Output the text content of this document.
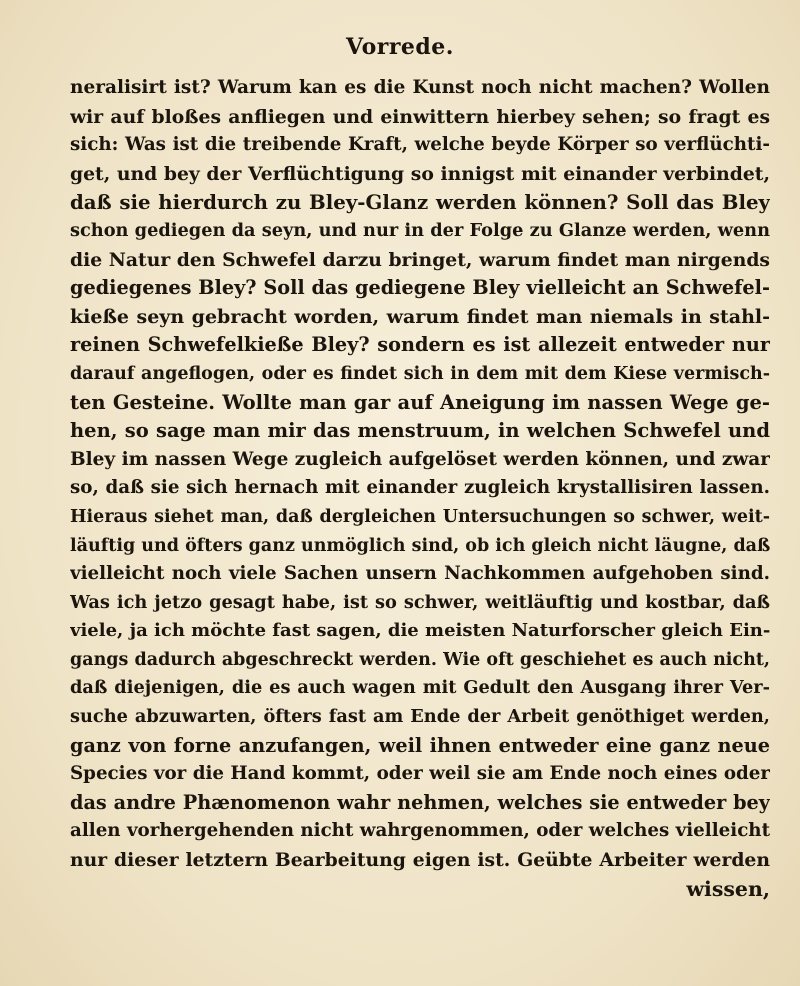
Vorrede.
neralisirt ist? Warum kan es die Kunst noch nicht machen? Wollen
wir auf bloßes anfliegen und einwittern hierbey sehen; so fragt es
sich: Was ist die treibende Kraft, welche beyde Körper so verflüchti-
get, und bey der Verflüchtigung so innigst mit einander verbindet,
daß sie hierdurch zu Bley-Glanz werden können? Soll das Bley
schon gediegen da seyn, und nur in der Folge zu Glanze werden, wenn
die Natur den Schwefel darzu bringet, warum findet man nirgends
gediegenes Bley? Soll das gediegene Bley vielleicht an Schwefel-
kieße seyn gebracht worden, warum findet man niemals in stahl-
reinen Schwefelkieße Bley? sondern es ist allezeit entweder nur
darauf angeflogen, oder es findet sich in dem mit dem Kiese vermisch-
ten Gesteine. Wollte man gar auf Aneigung im nassen Wege ge-
hen, so sage man mir das menstruum, in welchen Schwefel und
Bley im nassen Wege zugleich aufgelöset werden können, und zwar
so, daß sie sich hernach mit einander zugleich krystallisiren lassen.
Hieraus siehet man, daß dergleichen Untersuchungen so schwer, weit-
läuftig und öfters ganz unmöglich sind, ob ich gleich nicht läugne, daß
vielleicht noch viele Sachen unsern Nachkommen aufgehoben sind.
Was ich jetzo gesagt habe, ist so schwer, weitläuftig und kostbar, daß
viele, ja ich möchte fast sagen, die meisten Naturforscher gleich Ein-
gangs dadurch abgeschreckt werden. Wie oft geschiehet es auch nicht,
daß diejenigen, die es auch wagen mit Gedult den Ausgang ihrer Ver-
suche abzuwarten, öfters fast am Ende der Arbeit genöthiget werden,
ganz von forne anzufangen, weil ihnen entweder eine ganz neue
Species vor die Hand kommt, oder weil sie am Ende noch eines oder
das andre Phænomenon wahr nehmen, welches sie entweder bey
allen vorhergehenden nicht wahrgenommen, oder welches vielleicht
nur dieser letztern Bearbeitung eigen ist. Geübte Arbeiter werden
wissen,
